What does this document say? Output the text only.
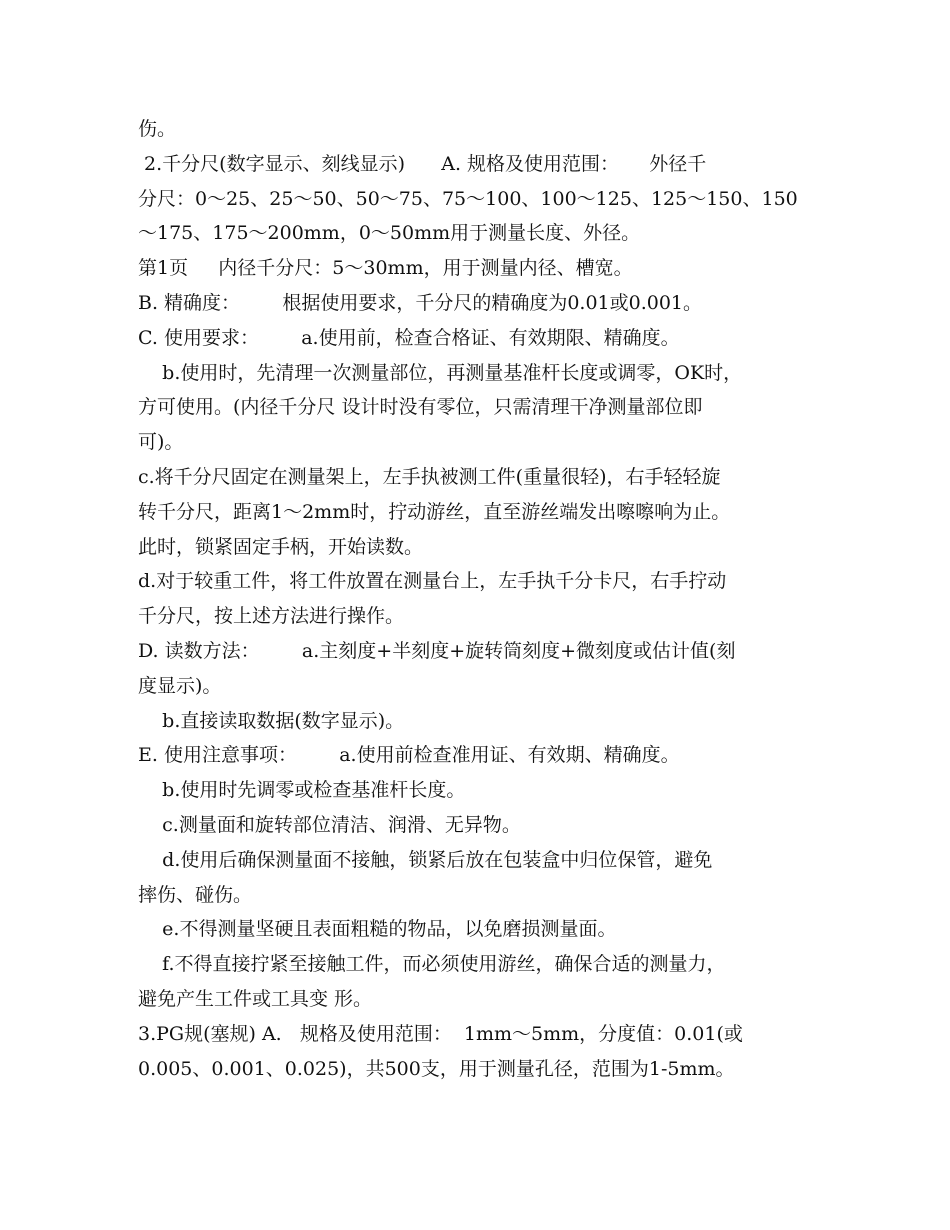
伤。
2.千分尺(数字显示、刻线显示)      A. 规格及使用范围：     外径千
分尺：0～25、25～50、50～75、75～100、100～125、125～150、150
～175、175～200mm，0～50mm用于测量长度、外径。
第1页     内径千分尺：5～30mm，用于测量内径、槽宽。
B. 精确度：       根据使用要求，千分尺的精确度为0.01或0.001。
C. 使用要求：       a.使用前，检查合格证、有效期限、精确度。
b.使用时，先清理一次测量部位，再测量基准杆长度或调零，OK时，
方可使用。(内径千分尺 设计时没有零位，只需清理干净测量部位即
可)。
c.将千分尺固定在测量架上，左手执被测工件(重量很轻)，右手轻轻旋
转千分尺，距离1～2mm时，拧动游丝，直至游丝端发出嚓嚓响为止。
此时，锁紧固定手柄，开始读数。
d.对于较重工件，将工件放置在测量台上，左手执千分卡尺，右手拧动
千分尺，按上述方法进行操作。
D. 读数方法：       a.主刻度+半刻度+旋转筒刻度+微刻度或估计值(刻
度显示)。
b.直接读取数据(数字显示)。
E. 使用注意事项：       a.使用前检查准用证、有效期、精确度。
b.使用时先调零或检查基准杆长度。
c.测量面和旋转部位清洁、润滑、无异物。
d.使用后确保测量面不接触，锁紧后放在包装盒中归位保管，避免
摔伤、碰伤。
e.不得测量坚硬且表面粗糙的物品，以免磨损测量面。
f.不得直接拧紧至接触工件，而必须使用游丝，确保合适的测量力，
避免产生工件或工具变 形。
3.PG规(塞规) A.   规格及使用范围：  1mm～5mm，分度值：0.01(或
0.005、0.001、0.025)，共500支，用于测量孔径，范围为1-5mm。
